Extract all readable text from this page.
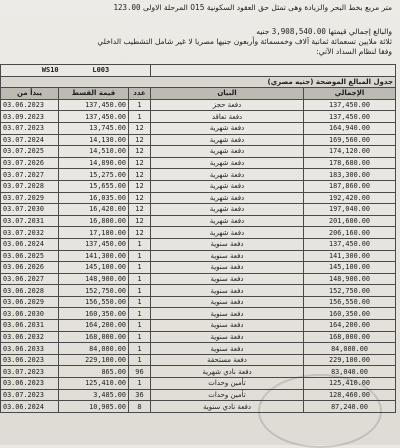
متر مربع بخط البحر والزيادة وهى تمثل حق العقود السكونية 015 المرحلة الاولى 123.00
والبالغ إجمالي قيمتها 3,908,540.00 جنيه
ثلاثة ملايين تسعمائة ثمانية آلاف وخمسمائة وأربعون جنيها مصريا لا غير شامل التشطيب الداخلي
وفقا لنظام السداد الآتي:
WS10 L003				
جدول المبالغ الموضحة (جنيه مصري)				
يبدأ من	قيمة القسط	عدد	البيان	الإجمالي
03.06.2023	137,450.00	1	دفعة حجز	137,450.00
03.09.2023	137,450.00	1	دفعة تعاقد	137,450.00
03.07.2023	13,745.00	12	دفعة شهرية	164,940.00
03.07.2024	14,130.00	12	دفعة شهرية	169,560.00
03.07.2025	14,510.00	12	دفعة شهرية	174,120.00
03.07.2026	14,890.00	12	دفعة شهرية	178,680.00
03.07.2027	15,275.00	12	دفعة شهرية	183,300.00
03.07.2028	15,655.00	12	دفعة شهرية	187,860.00
03.07.2029	16,035.00	12	دفعة شهرية	192,420.00
03.07.2030	16,420.00	12	دفعة شهرية	197,040.00
03.07.2031	16,800.00	12	دفعة شهرية	201,600.00
03.07.2032	17,180.00	12	دفعة شهرية	206,160.00
03.06.2024	137,450.00	1	دفعة سنوية	137,450.00
03.06.2025	141,300.00	1	دفعة سنوية	141,300.00
03.06.2026	145,100.00	1	دفعة سنوية	145,100.00
03.06.2027	148,900.00	1	دفعة سنوية	148,900.00
03.06.2028	152,750.00	1	دفعة سنوية	152,750.00
03.06.2029	156,550.00	1	دفعة سنوية	156,550.00
03.06.2030	160,350.00	1	دفعة سنوية	160,350.00
03.06.2031	164,200.00	1	دفعة سنوية	164,200.00
03.06.2032	168,000.00	1	دفعة سنوية	168,000.00
03.06.2033	84,000.00	1	دفعة سنوية	84,000.00
03.06.2023	229,100.00	1	دفعة مستحقة	229,100.00
03.07.2023	865.00	96	دفعة نادي شهرية	83,040.00
03.06.2023	125,410.00	1	تأمين وحدات	125,410.00
03.07.2023	3,485.00	36	تأمين وحدات	128,460.00
03.06.2024	10,905.00	8	دفعة نادي سنوية	87,240.00
